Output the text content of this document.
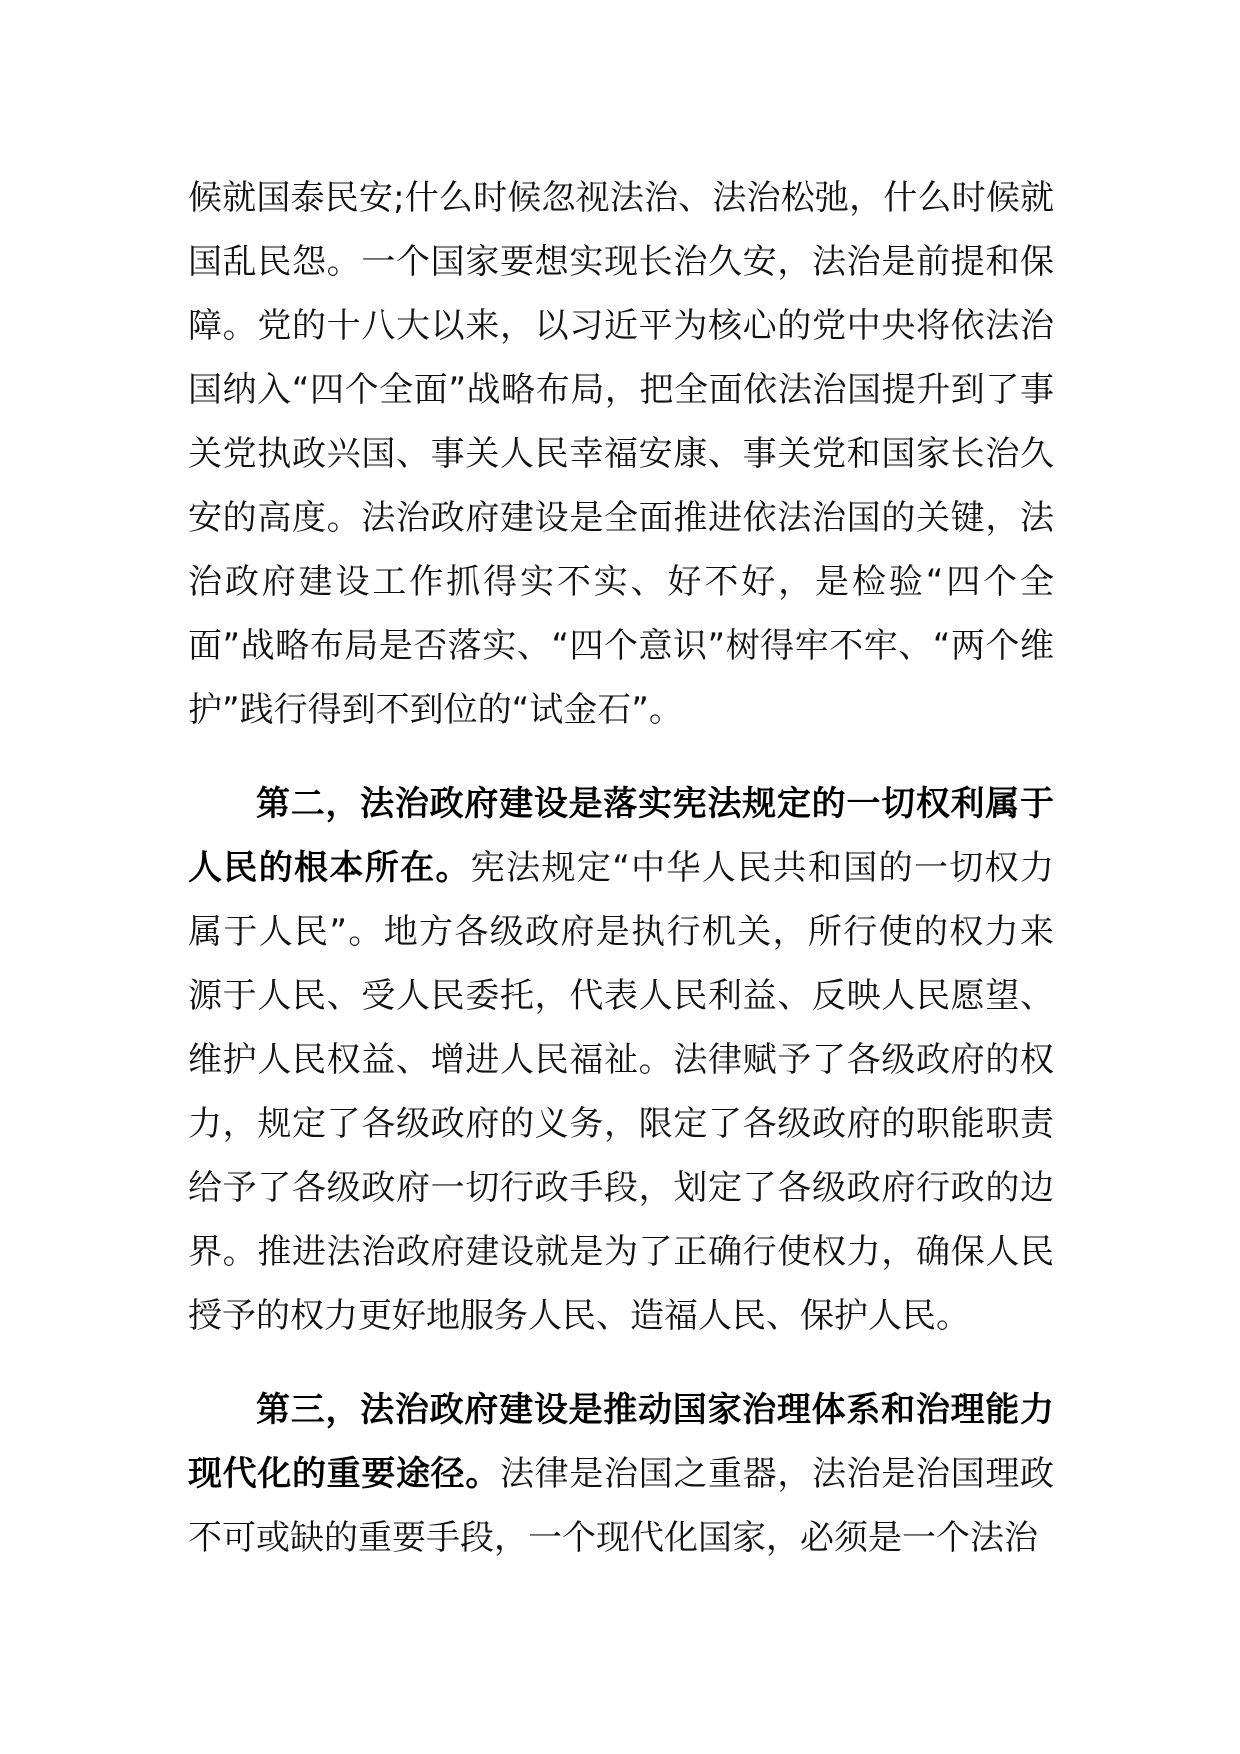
候就国泰民安;什么时候忽视法治、法治松弛，什么时候就国乱民怨。一个国家要想实现长治久安，法治是前提和保障。党的十八大以来，以习近平为核心的党中央将依法治国纳入“四个全面”战略布局，把全面依法治国提升到了事关党执政兴国、事关人民幸福安康、事关党和国家长治久安的高度。法治政府建设是全面推进依法治国的关键，法治政府建设工作抓得实不实、好不好，是检验“四个全面”战略布局是否落实、“四个意识”树得牢不牢、“两个维护”践行得到不到位的“试金石”。

第二，法治政府建设是落实宪法规定的一切权利属于人民的根本所在。宪法规定“中华人民共和国的一切权力属于人民”。地方各级政府是执行机关，所行使的权力来源于人民、受人民委托，代表人民利益、反映人民愿望、维护人民权益、增进人民福祉。法律赋予了各级政府的权力，规定了各级政府的义务，限定了各级政府的职能职责给予了各级政府一切行政手段，划定了各级政府行政的边界。推进法治政府建设就是为了正确行使权力，确保人民授予的权力更好地服务人民、造福人民、保护人民。

第三，法治政府建设是推动国家治理体系和治理能力现代化的重要途径。法律是治国之重器，法治是治国理政不可或缺的重要手段，一个现代化国家，必须是一个法治
